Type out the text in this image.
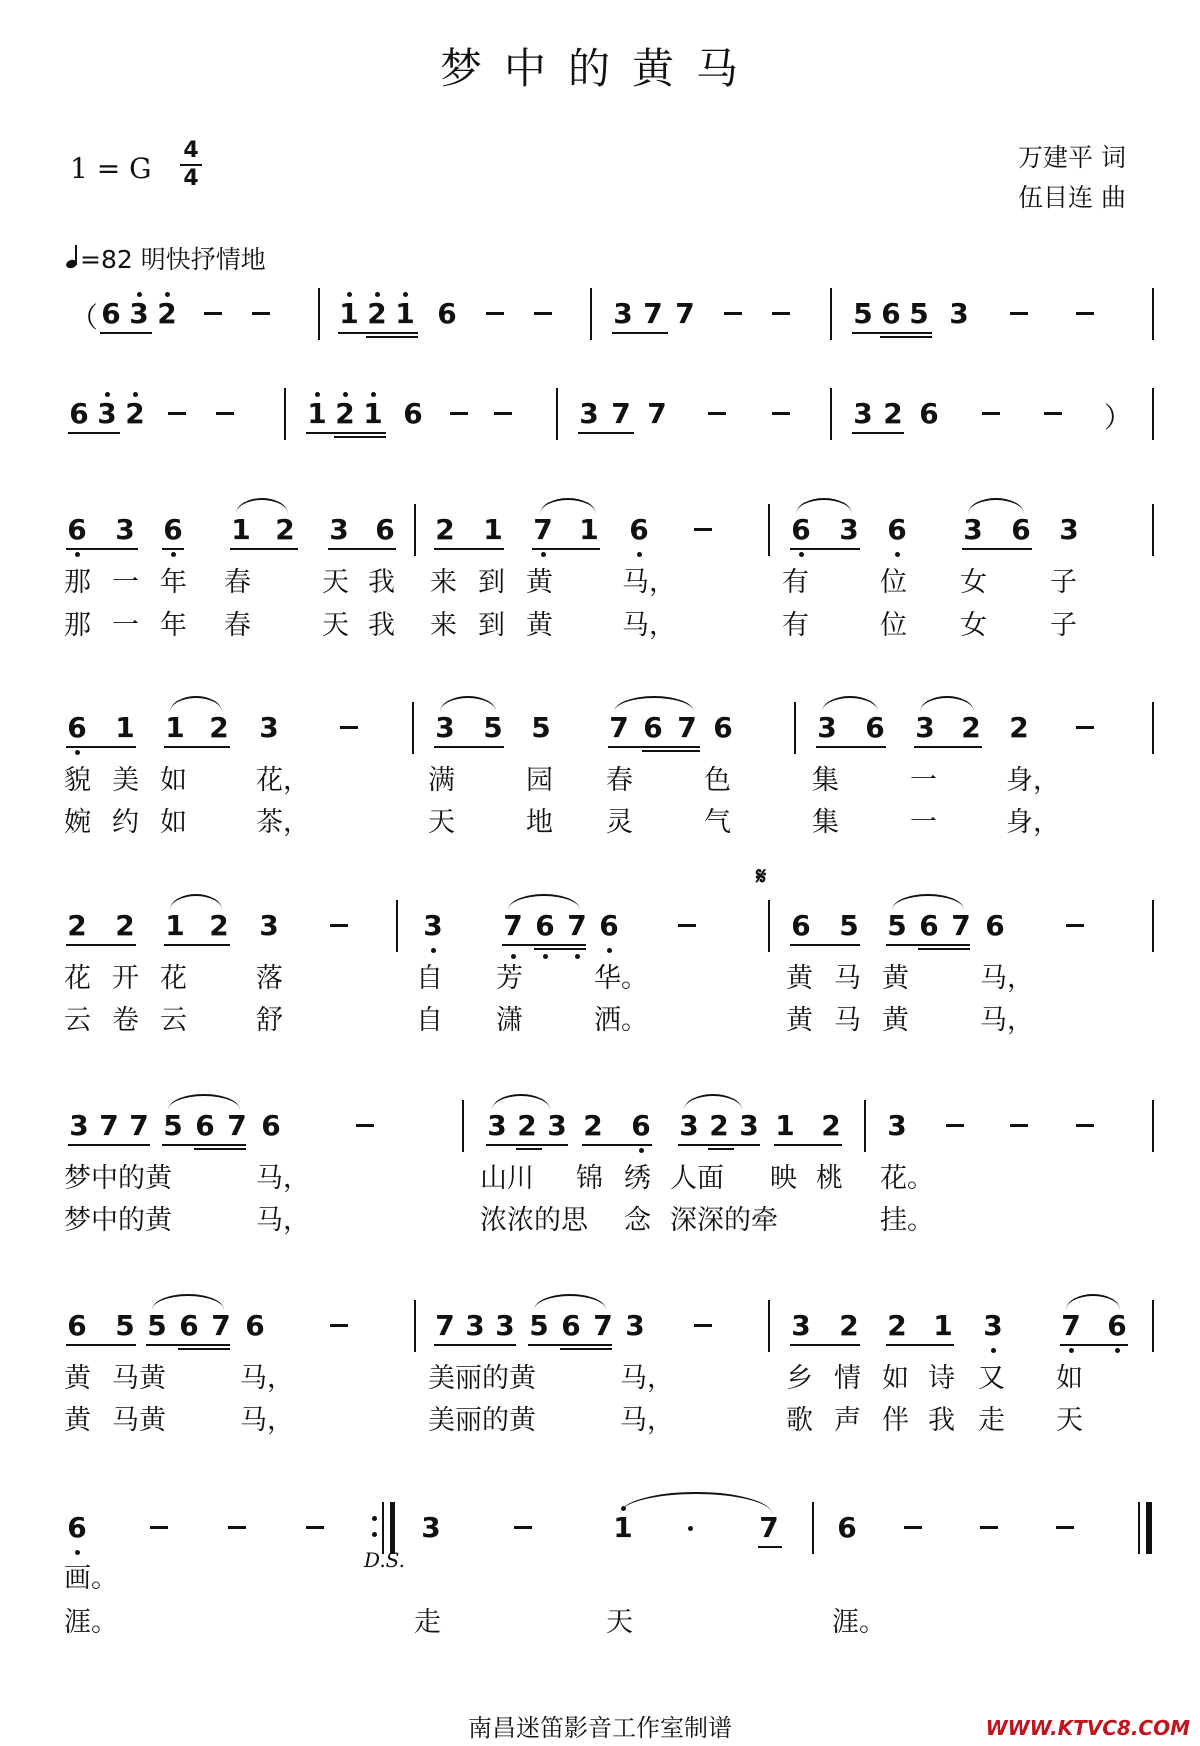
梦中的黄马
1 = G
4
4
万建平 词
伍目连 曲
=82 明快抒情地
（ 6 3 2	1 2 1 6	3 7 7	5 6 5 3
6 3 2	1 2 1 6	3 7 7	3 2 6	）
6 3 6 1 2 3 6 2 1 7 1 6	6 3 6 3 6 3
那 一 年 春	天 我 来 到 黄	马，	有	位 女 子
那 一 年 春	天 我 来 到 黄	马，	有	位 女 子
6 1 1 2 3	3 5 5 7 6 7 6	3 6 3 2 2
貌 美 如	花，	满	园 春	色	集	一	身，
婉 约 如	茶，	天	地 灵	气	集	一	身，
𝄋
2 2 1 2 3	3 7 6 7 6	6 5 5 6 7 6
花 开 花	落	自 芳	华。	黄 马 黄	马，
云 卷 云	舒	自 潇	洒。	黄 马 黄	马，
3 7 7 5 6 7 6	3 2 3 2 6 3 2 3 1 2 3
梦中的黄	马，	山川 锦 绣 人面 映 桃 花。
梦中的黄	马，	浓浓的思 念 深深的牵	挂。
6 5 5 6 7 6	7 3 3 5 6 7 3	3 2 2 1 3 7 6
黄 马黄	马，	美丽的黄	马，	乡 情 如 诗 又 如
黄 马黄	马，	美丽的黄	马，	歌 声 伴 我 走 天
6	3	1	7 6
D.S.
画。
涯。	走	天	涯。
南昌迷笛影音工作室制谱	WWW.KTVC8.COM
